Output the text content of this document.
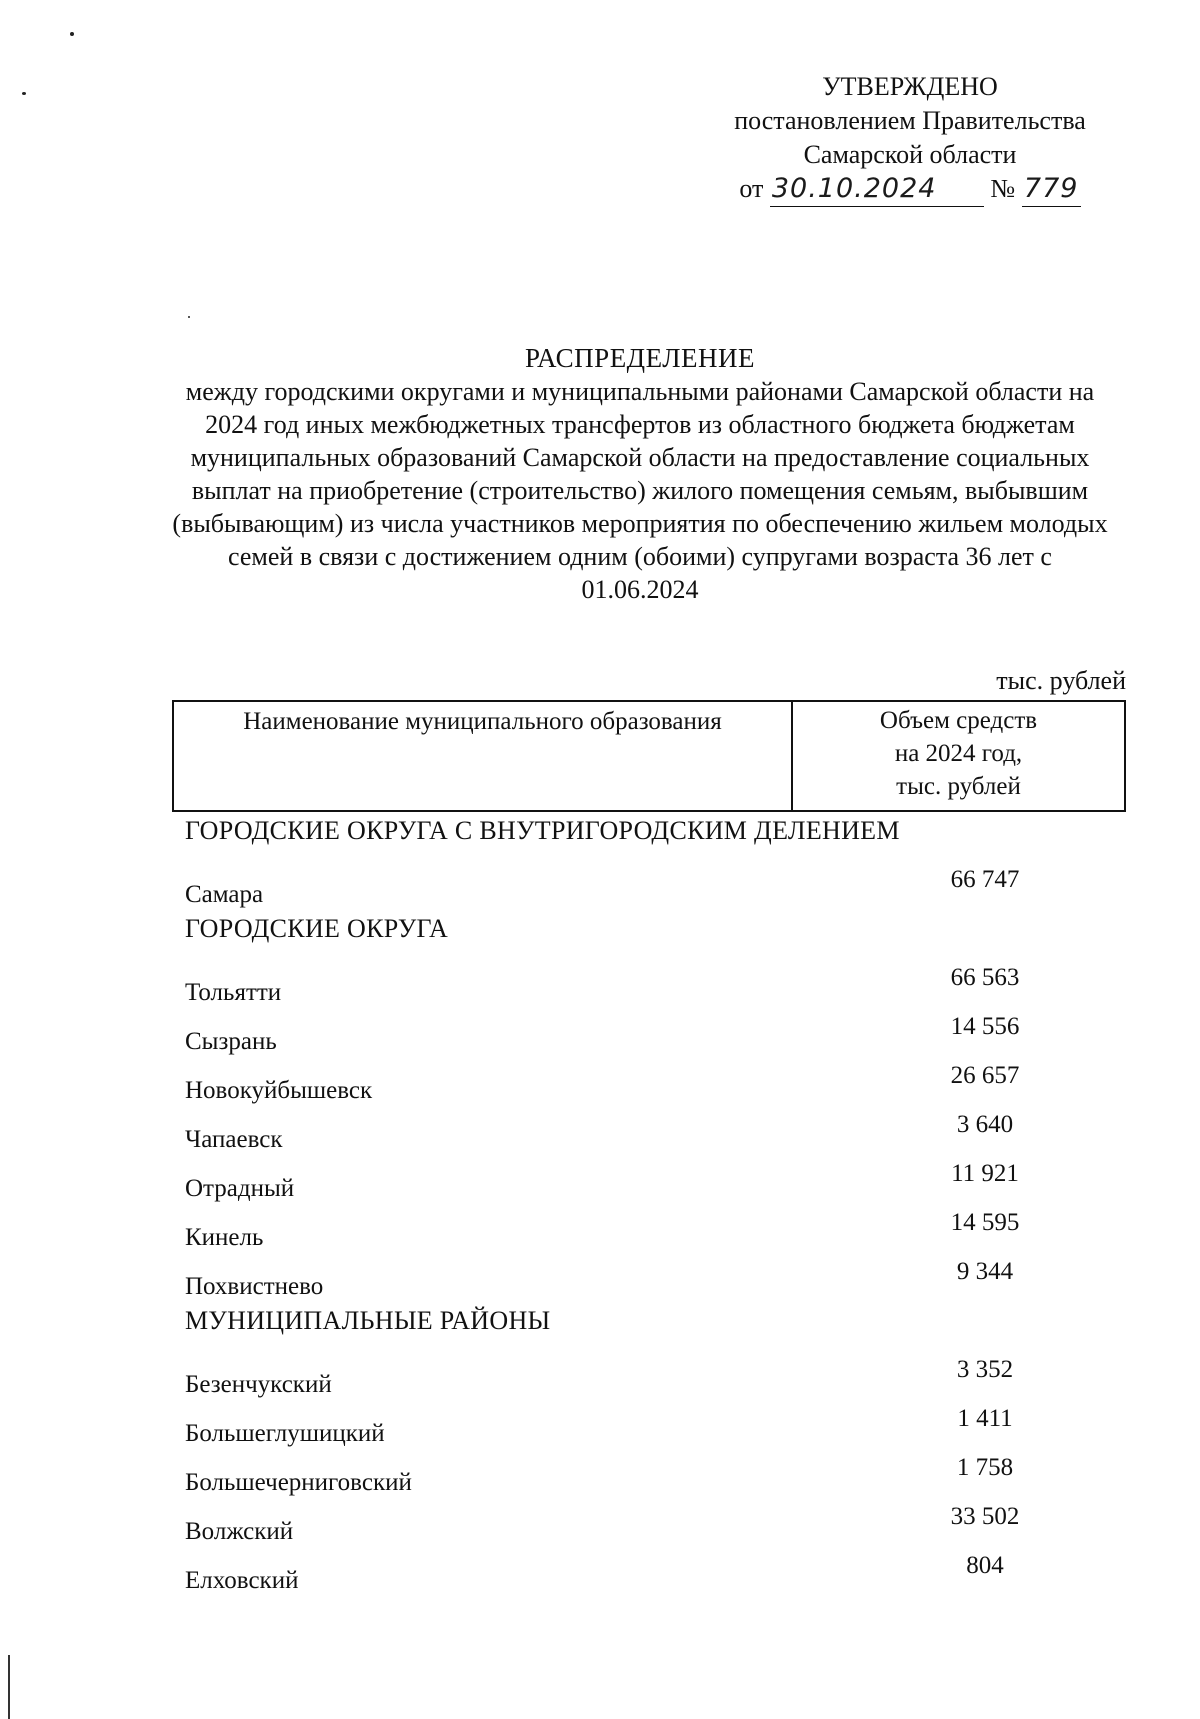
УТВЕРЖДЕНО
постановлением Правительства
Самарской области
от 30.10.2024 № 779
РАСПРЕДЕЛЕНИЕ
между городскими округами и муниципальными районами Самарской области на 2024 год иных межбюджетных трансфертов из областного бюджета бюджетам муниципальных образований Самарской области на предоставление социальных выплат на приобретение (строительство) жилого помещения семьям, выбывшим (выбывающим) из числа участников мероприятия по обеспечению жильем молодых семей в связи с достижением одним (обоими) супругами возраста 36 лет с 01.06.2024
тыс. рублей
Наименование муниципального образования	Объем средств
на 2024 год,
тыс. рублей
ГОРОДСКИЕ ОКРУГА С ВНУТРИГОРОДСКИМ ДЕЛЕНИЕМ
Самара
66 747
ГОРОДСКИЕ ОКРУГА
Тольятти
66 563
Сызрань
14 556
Новокуйбышевск
26 657
Чапаевск
3 640
Отрадный
11 921
Кинель
14 595
Похвистнево
9 344
МУНИЦИПАЛЬНЫЕ РАЙОНЫ
Безенчукский
3 352
Большеглушицкий
1 411
Большечерниговский
1 758
Волжский
33 502
Елховский
804
